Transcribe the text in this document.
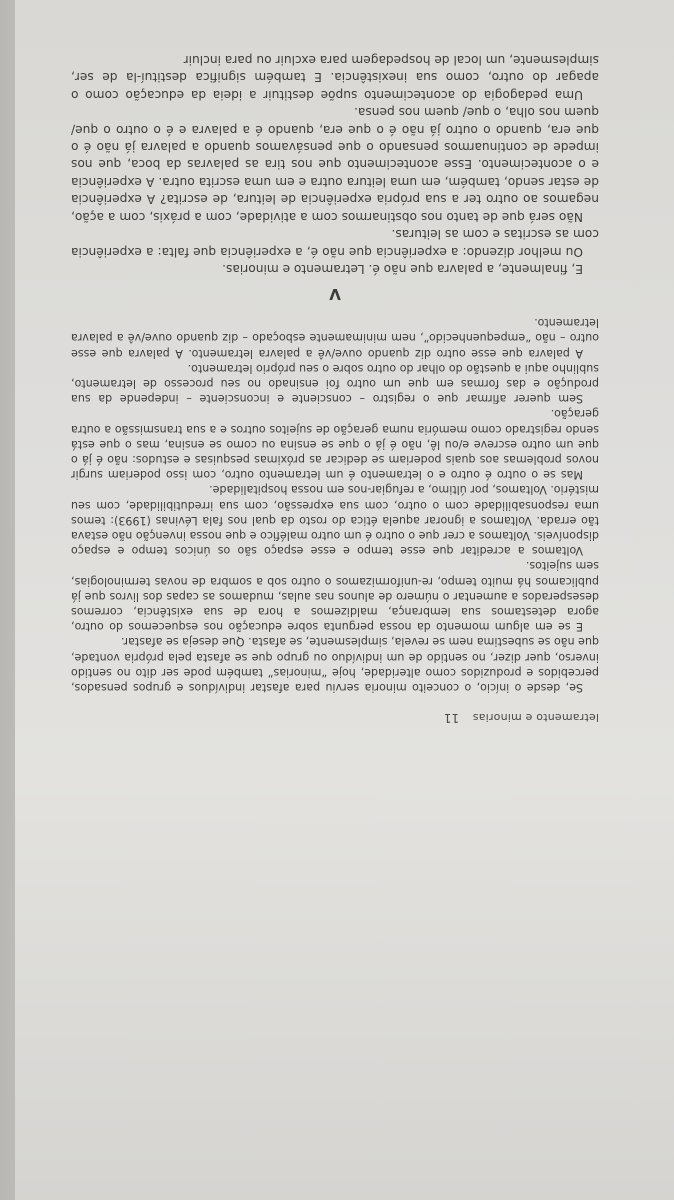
letramento e minorias 11

Se, desde o início, o conceito minoria serviu para afastar indivíduos e grupos pensados, percebidos e produzidos como alteridade, hoje “minorias” também pode ser dito no sentido inverso, quer dizer, no sentido de um indivíduo ou grupo que se afasta pela própria vontade, que não se subestima nem se revela, simplesmente, se afasta. Que deseja se afastar.

E se em algum momento da nossa pergunta sobre educação nos esquecemos do outro, agora detestamos sua lembrança, maldizemos a hora de sua existência, corremos desesperados a aumentar o número de alunos nas aulas, mudamos as capas dos livros que já publicamos há muito tempo, re-uniformizamos o outro sob a sombra de novas terminologias, sem sujeitos.

Voltamos a acreditar que esse tempo e esse espaço são os únicos tempo e espaço disponíveis. Voltamos a crer que o outro é um outro maléfico e que nossa invenção não estava tão errada. Voltamos a ignorar aquela ética do rosto da qual nos fala Lévinas (1993): temos uma responsabilidade com o outro, com sua expressão, com sua irredutibilidade, com seu mistério. Voltamos, por último, a refugiar-nos em nossa hospitalidade.

Mas se o outro é outro e o letramento é um letramento outro, com isso poderiam surgir novos problemas aos quais poderiam se dedicar as próximas pesquisas e estudos: não é já o que um outro escreve e/ou lê, não é já o que se ensina ou como se ensina, mas o que está sendo registrado como memória numa geração de sujeitos outros e a sua transmissão a outra geração.

Sem querer afirmar que o registro – consciente e inconsciente – independe da sua produção e das formas em que um outro foi ensinado no seu processo de letramento, sublinho aqui a questão do olhar do outro sobre o seu próprio letramento.

A palavra que esse outro diz quando ouve/vê a palavra letramento. A palavra que esse outro – não “empequenhecido”, nem minimamente esboçado – diz quando ouve/vê a palavra letramento.

V

E, finalmente, a palavra que não é. Letramento e minorias.

Ou melhor dizendo: a experiência que não é, a experiência que falta: a experiência com as escritas e com as leituras.

Não será que de tanto nos obstinarmos com a atividade, com a práxis, com a ação, negamos ao outro ter a sua própria experiência de leitura, de escrita? A experiência de estar sendo, também, em uma leitura outra e em uma escrita outra. A experiência e o acontecimento. Esse acontecimento que nos tira as palavras da boca, que nos impede de continuarmos pensando o que pensávamos quando a palavra já não é o que era, quando o outro já não é o que era, quando é a palavra e é o outro o que/ quem nos olha, o que/ quem nos pensa.

Uma pedagogia do acontecimento supõe destituir a ideia da educação como o apagar do outro, como sua inexistência. E também significa destituí-la de ser, simplesmente, um local de hospedagem para excluir ou para incluir
